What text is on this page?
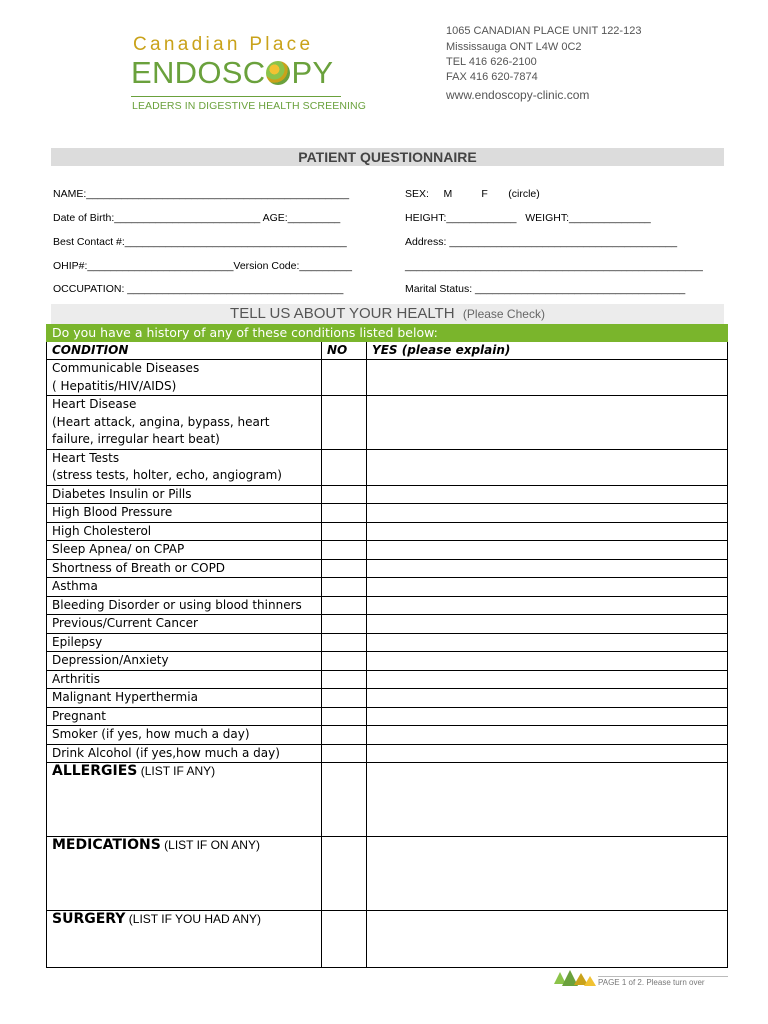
Canadian Place
ENDOSC PY
LEADERS IN DIGESTIVE HEALTH SCREENING
1065 CANADIAN PLACE UNIT 122-123
Mississauga ONT L4W 0C2
TEL 416 626-2100
FAX 416 620-7874
www.endoscopy-clinic.com
PATIENT QUESTIONNAIRE
NAME:_____________________________________________	SEX:     M          F       (circle)
Date of Birth:_________________________ AGE:_________	HEIGHT:____________   WEIGHT:______________
Best Contact #:______________________________________	Address: _______________________________________
OHIP#:_________________________Version Code:_________	___________________________________________________
OCCUPATION: _____________________________________	Marital Status: ____________________________________
TELL US ABOUT YOUR HEALTH (Please Check)
Do you have a history of any of these conditions listed below:		
CONDITION	NO	YES (please explain)

Communicable Diseases
( Hepatitis/HIV/AIDS)		

Heart Disease
(Heart attack, angina, bypass, heart
failure, irregular heart beat)		

Heart Tests
(stress tests, holter, echo, angiogram)		

Diabetes Insulin or Pills		

High Blood Pressure		

High Cholesterol		

Sleep Apnea/ on CPAP		

Shortness of Breath or COPD		

Asthma		

Bleeding Disorder or using blood thinners		

Previous/Current Cancer		

Epilepsy		

Depression/Anxiety		

Arthritis		

Malignant Hyperthermia		

Pregnant		

Smoker (if yes, how much a day)		

Drink Alcohol (if yes,how much a day)		

ALLERGIES (LIST IF ANY)		
MEDICATIONS (LIST IF ON ANY)		
SURGERY (LIST IF YOU HAD ANY)		
PAGE 1 of 2. Please turn over
